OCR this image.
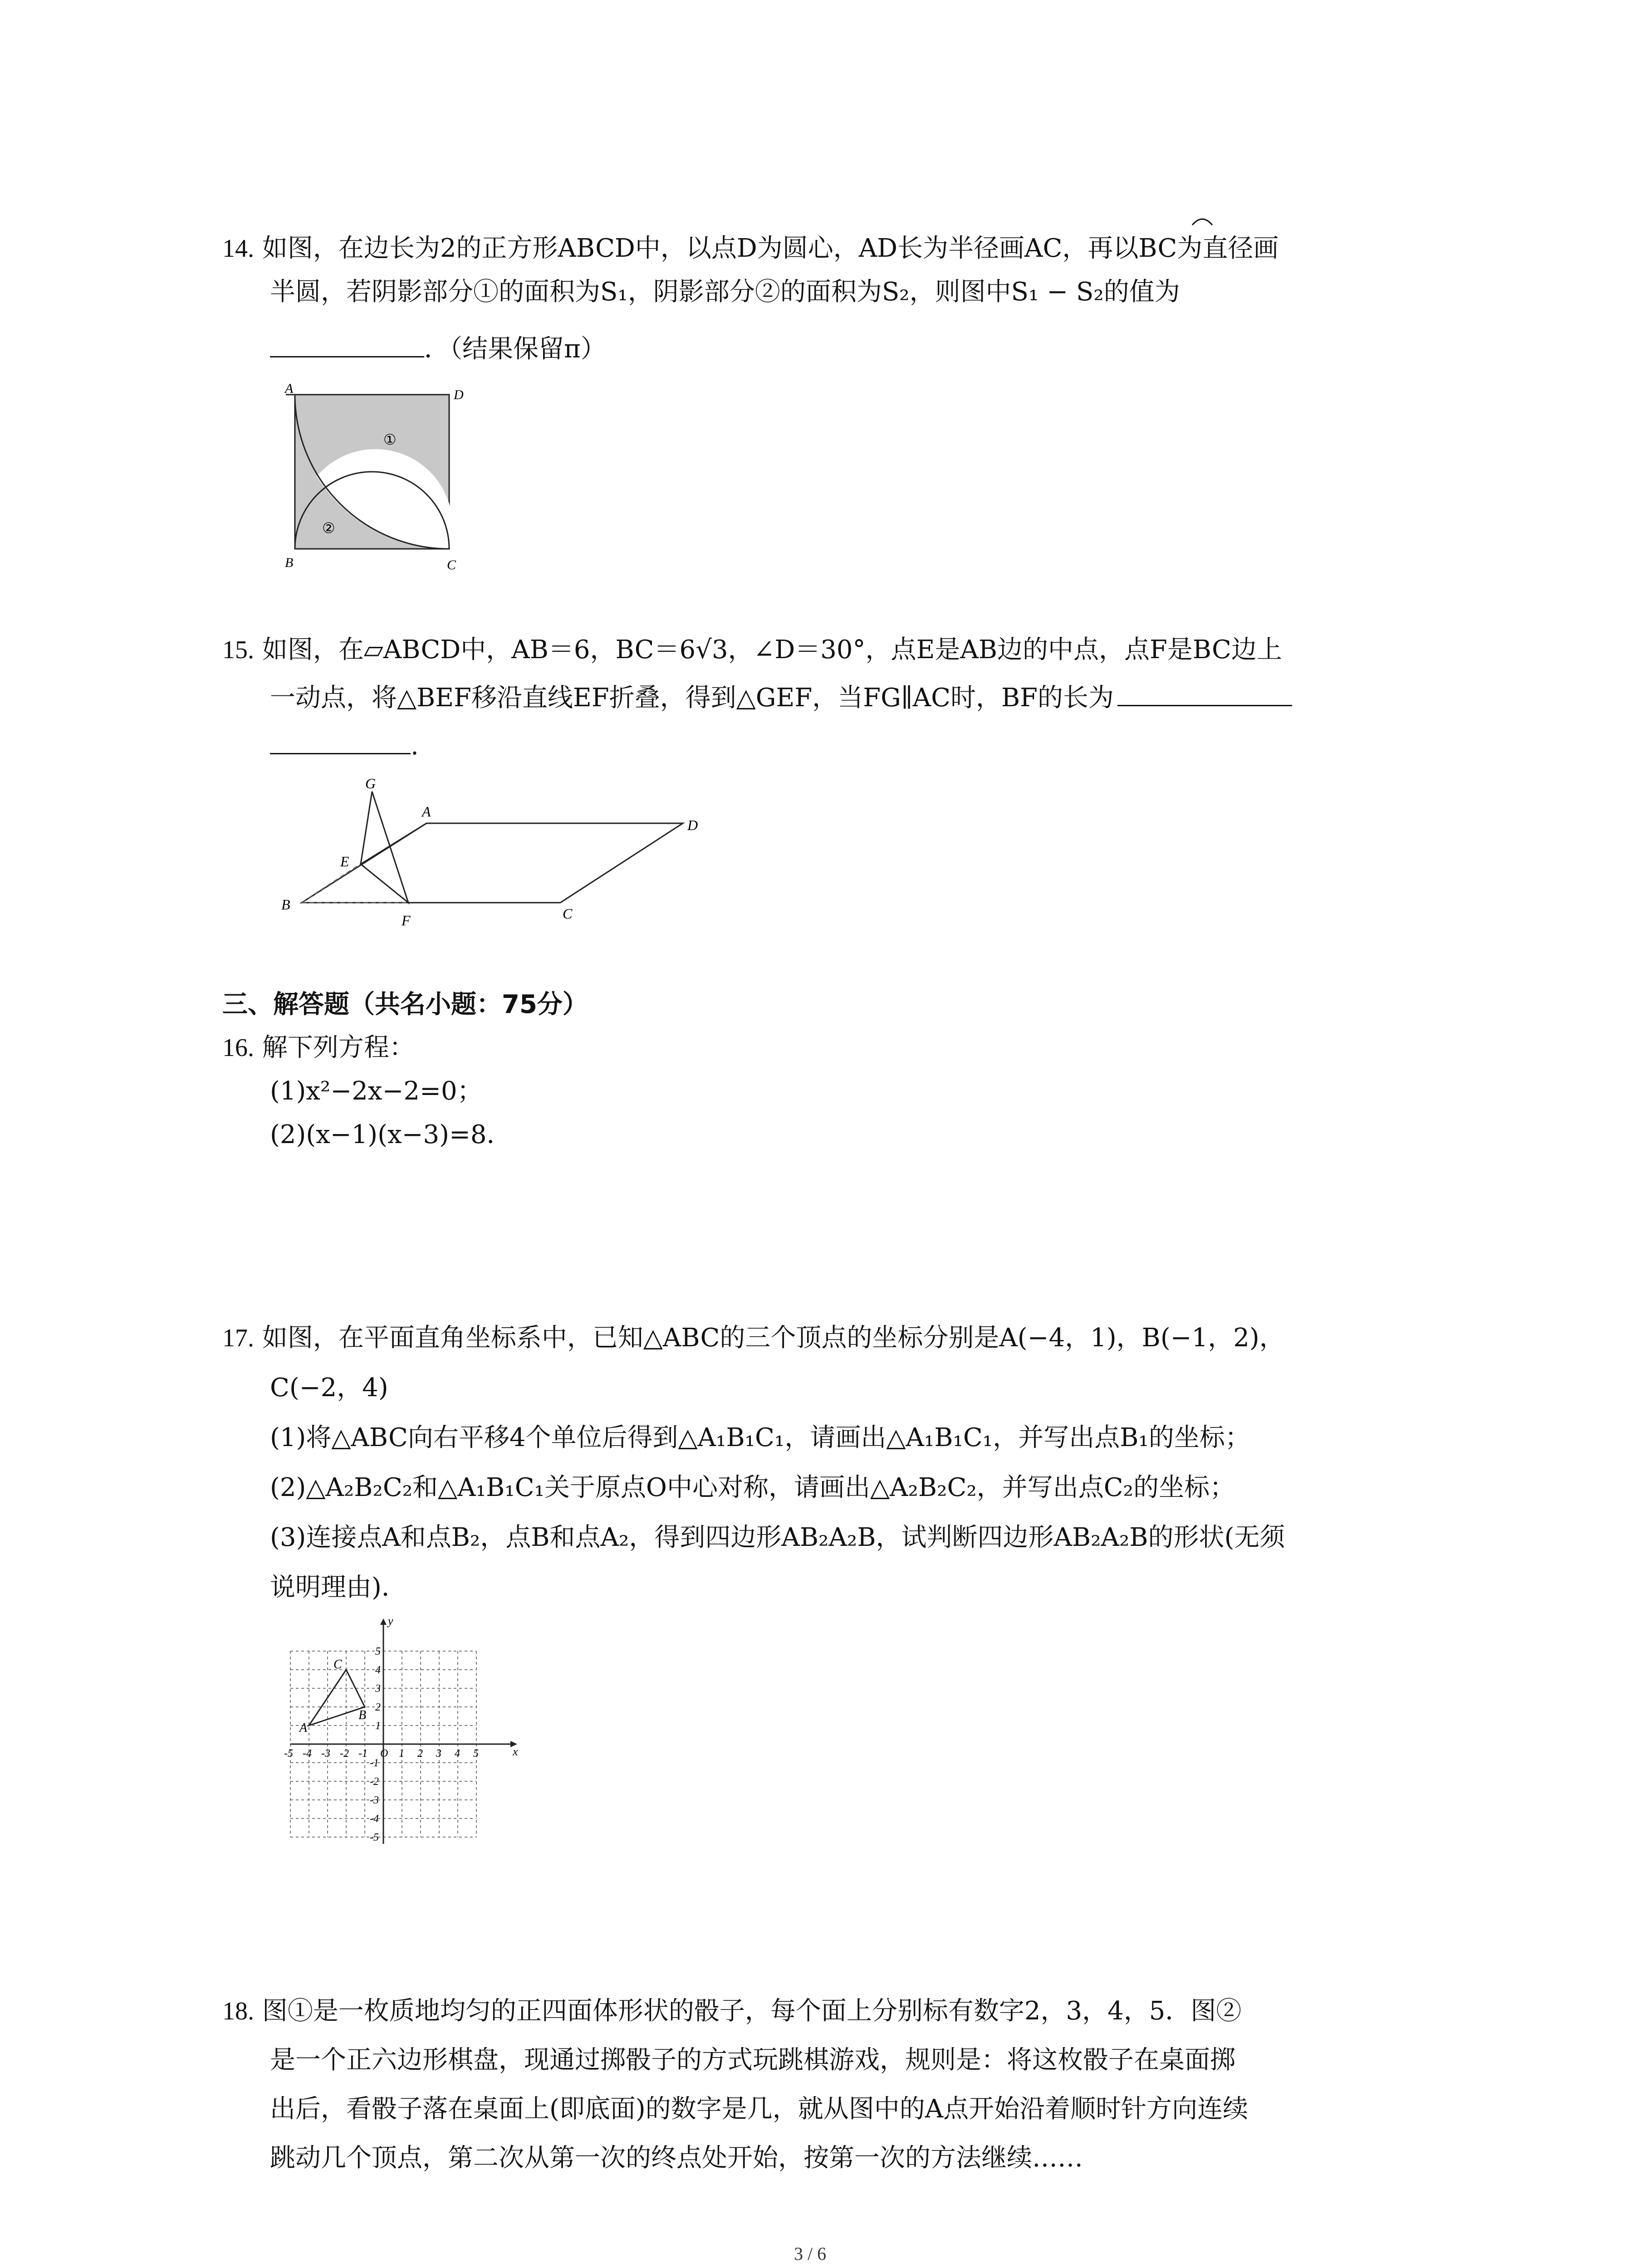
14. 如图，在边长为2的正方形ABCD中，以点D为圆心，AD长为半径画AC，再以BC为直径画
半圆，若阴影部分①的面积为S₁，阴影部分②的面积为S₂，则图中S₁ − S₂的值为
．（结果保留π）
A	D
B	C
①
②
15. 如图，在▱ABCD中，AB＝6，BC＝6√3，∠D＝30°，点E是AB边的中点，点F是BC边上
一动点，将△BEF移沿直线EF折叠，得到△GEF，当FG∥AC时，BF的长为
.
G
A
D
E
B
F	C
三、解答题（共名小题：75分）
16. 解下列方程：
(1)x²−2x−2=0；
(2)(x−1)(x−3)=8．
17. 如图，在平面直角坐标系中，已知△ABC的三个顶点的坐标分别是A(−4，1)，B(−1，2)，
C(−2，4)
(1)将△ABC向右平移4个单位后得到△A₁B₁C₁，请画出△A₁B₁C₁，并写出点B₁的坐标；
(2)△A₂B₂C₂和△A₁B₁C₁关于原点O中心对称，请画出△A₂B₂C₂，并写出点C₂的坐标；
(3)连接点A和点B₂，点B和点A₂，得到四边形AB₂A₂B，试判断四边形AB₂A₂B的形状(无须
说明理由)．
x
y
-5 -4 -3 -2 -1 O 1 2 3 4 5
5
4
3
2
1
-1
-2
-3
-4
-5
A
B
C
18. 图①是一枚质地均匀的正四面体形状的骰子，每个面上分别标有数字2，3，4，5．图②
是一个正六边形棋盘，现通过掷骰子的方式玩跳棋游戏，规则是：将这枚骰子在桌面掷
出后，看骰子落在桌面上(即底面)的数字是几，就从图中的A点开始沿着顺时针方向连续
跳动几个顶点，第二次从第一次的终点处开始，按第一次的方法继续……
3 / 6
